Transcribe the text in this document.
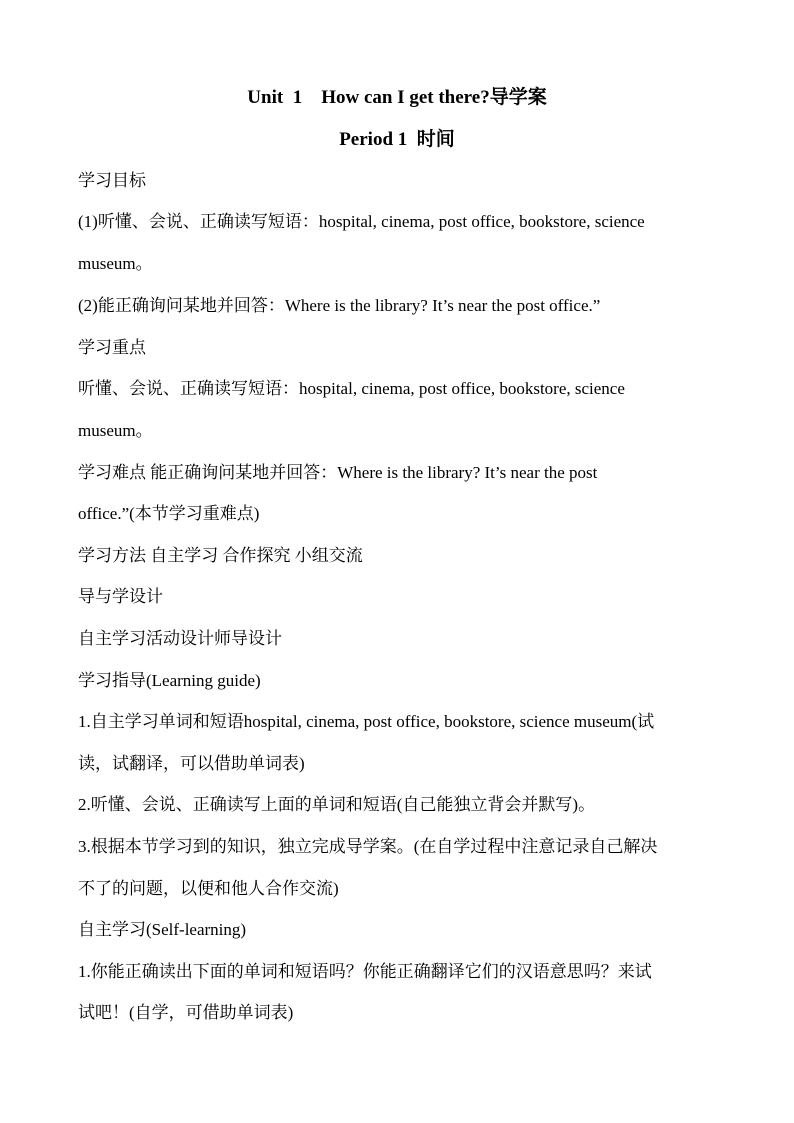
Unit  1    How can I get there?导学案
Period 1  时间
学习目标
(1)听懂、会说、正确读写短语：hospital, cinema, post office, bookstore, science
museum。
(2)能正确询问某地并回答：Where is the library? It’s near the post office.”
学习重点
听懂、会说、正确读写短语：hospital, cinema, post office, bookstore, science
museum。
学习难点 能正确询问某地并回答：Where is the library? It’s near the post
office.”(本节学习重难点)
学习方法 自主学习 合作探究 小组交流
导与学设计
自主学习活动设计师导设计
学习指导(Learning guide)
1.自主学习单词和短语hospital, cinema, post office, bookstore, science museum(试
读，试翻译，可以借助单词表)
2.听懂、会说、正确读写上面的单词和短语(自己能独立背会并默写)。
3.根据本节学习到的知识，独立完成导学案。(在自学过程中注意记录自己解决
不了的问题，以便和他人合作交流)
自主学习(Self-learning)
1.你能正确读出下面的单词和短语吗？你能正确翻译它们的汉语意思吗？来试
试吧！(自学，可借助单词表)
